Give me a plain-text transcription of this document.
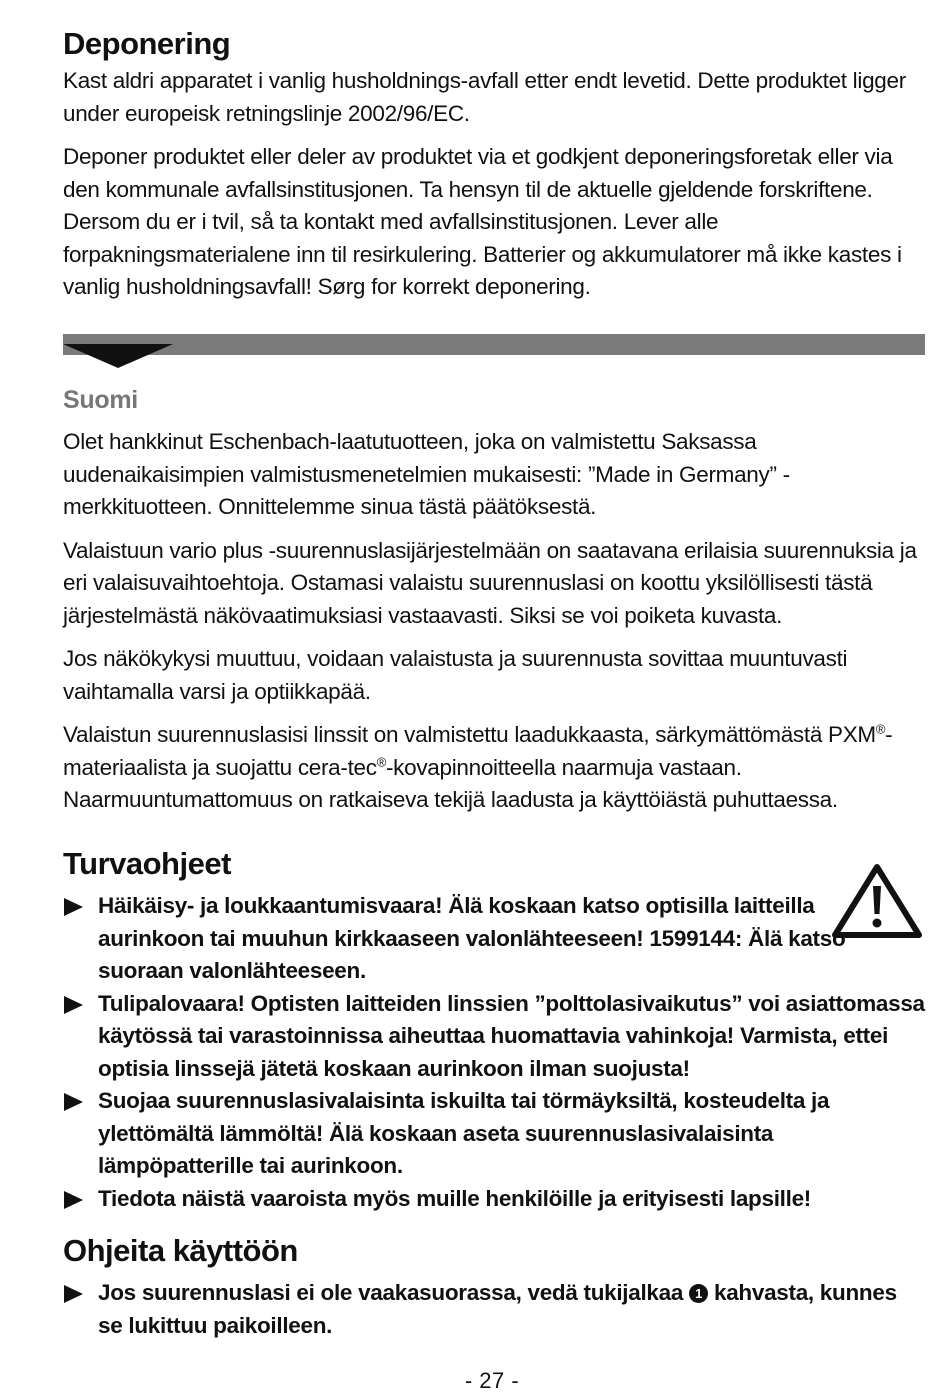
Deponering

Kast aldri apparatet i vanlig husholdnings-avfall etter endt levetid. Dette produktet ligger under europeisk retningslinje 2002/96/EC.

Deponer produktet eller deler av produktet via et godkjent deponeringsforetak eller via den kommunale avfallsinstitusjonen. Ta hensyn til de aktuelle gjeldende forskriftene. Dersom du er i tvil, så ta kontakt med avfallsinstitusjonen. Lever alle forpakningsmaterialene inn til resirkulering. Batterier og akkumulatorer må ikke kastes i vanlig husholdningsavfall! Sørg for korrekt deponering.

Suomi

Olet hankkinut Eschenbach-laatutuotteen, joka on valmistettu Saksassa uudenaikaisimpien valmistusmenetelmien mukaisesti: ”Made in Germany” -merkkituotteen. Onnittelemme sinua tästä päätöksestä.

Valaistuun vario plus -suurennuslasijärjestelmään on saatavana erilaisia suurennuksia ja eri valaisuvaihtoehtoja. Ostamasi valaistu suurennuslasi on koottu yksilöllisesti tästä järjestelmästä näkövaatimuksiasi vastaavasti. Siksi se voi poiketa kuvasta.

Jos näkökykysi muuttuu, voidaan valaistusta ja suurennusta sovittaa muuntuvasti vaihtamalla varsi ja optiikkapää.

Valaistun suurennuslasisi linssit on valmistettu laadukkaasta, särkymättömästä PXM®-materiaalista ja suojattu cera-tec®-kovapinnoitteella naarmuja vastaan. Naarmuuntumattomuus on ratkaiseva tekijä laadusta ja käyttöiästä puhuttaessa.

Turvaohjeet
Häikäisy- ja loukkaantumisvaara! Älä koskaan katso optisilla laitteilla aurinkoon tai muuhun kirkkaaseen valonlähteeseen! 1599144: Älä katso suoraan valonlähteeseen.
Tulipalovaara! Optisten laitteiden linssien ”polttolasivaikutus” voi asiattomassa käytössä tai varastoinnissa aiheuttaa huomattavia vahinkoja! Varmista, ettei optisia linssejä jätetä koskaan aurinkoon ilman suojusta!
Suojaa suurennuslasivalaisinta iskuilta tai törmäyksiltä, kosteudelta ja ylettömältä lämmöltä! Älä koskaan aseta suurennuslasivalaisinta lämpöpatterille tai aurinkoon.
Tiedota näistä vaaroista myös muille henkilöille ja erityisesti lapsille!
Ohjeita käyttöön
Jos suurennuslasi ei ole vaakasuorassa, vedä tukijalkaa 1 kahvasta, kunnes se lukittuu paikoilleen.
- 27 -
